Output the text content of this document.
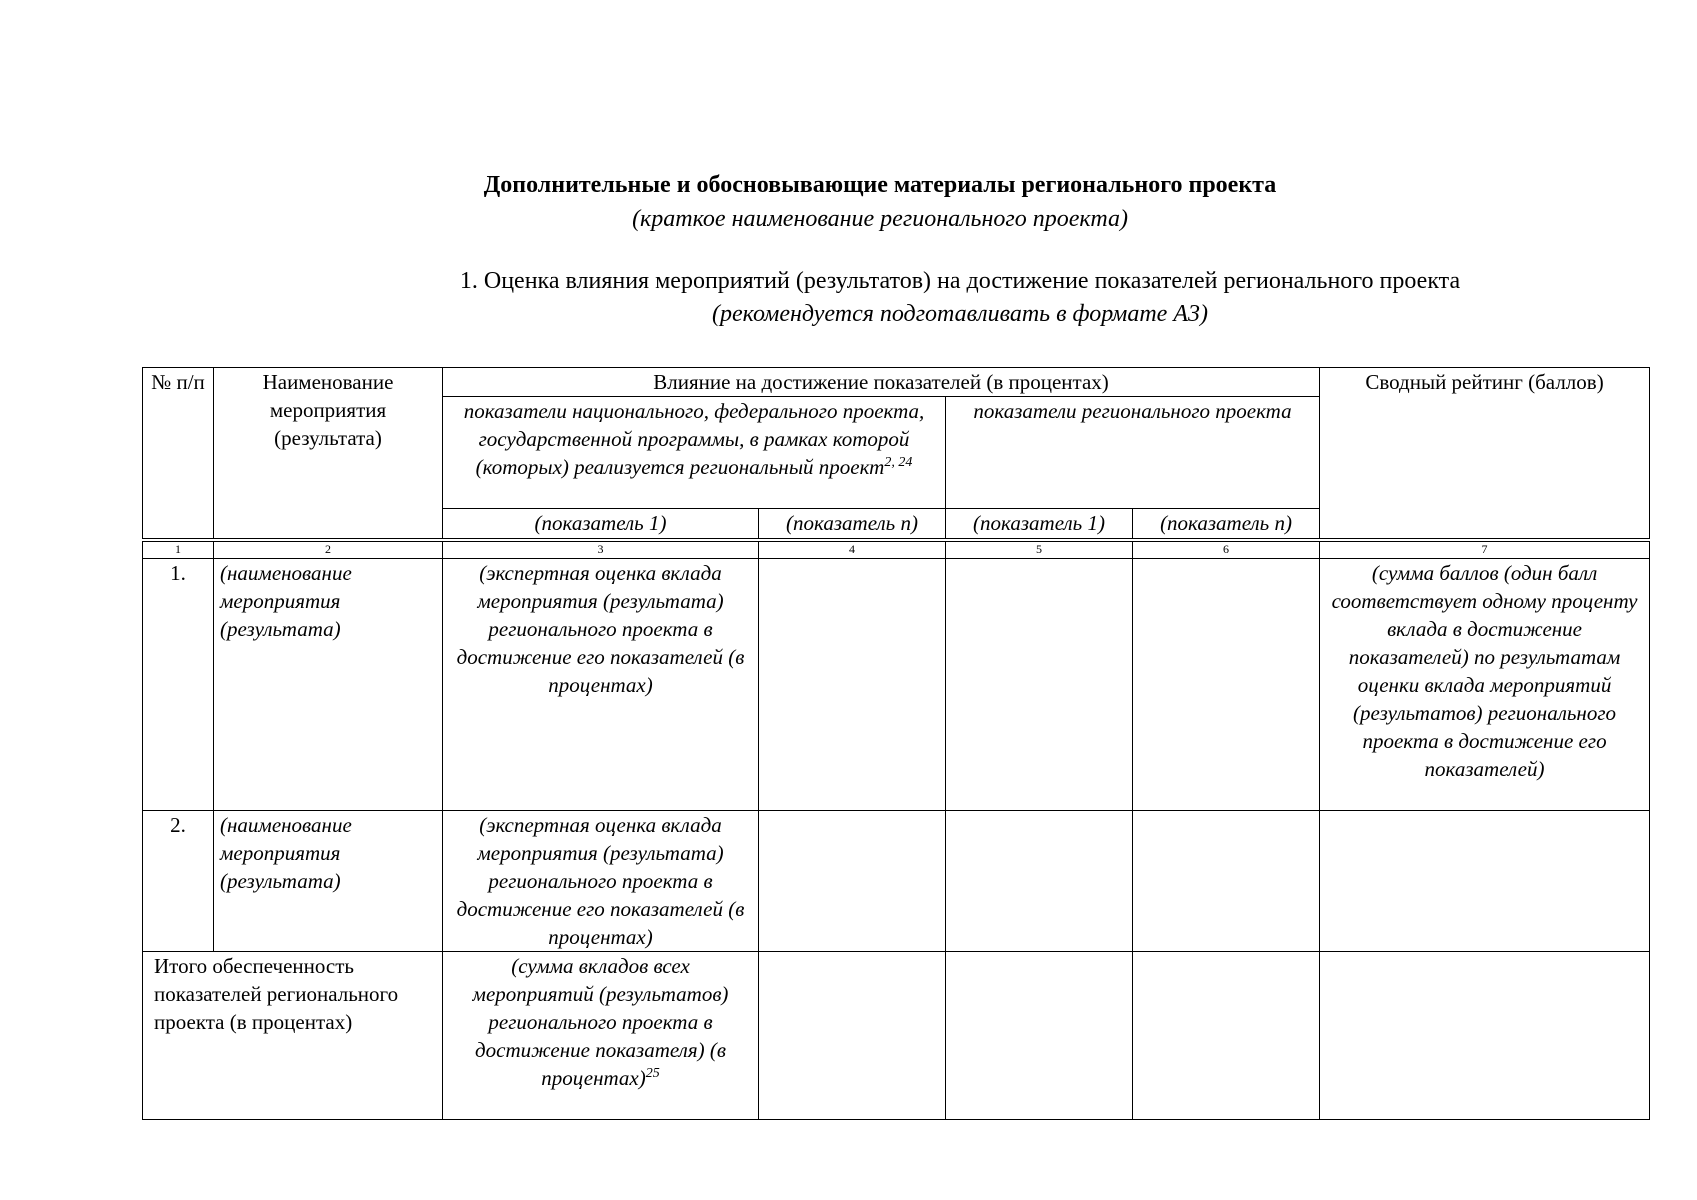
Дополнительные и обосновывающие материалы регионального проекта
(краткое наименование регионального проекта)
1. Оценка влияния мероприятий (результатов) на достижение показателей регионального проекта
(рекомендуется подготавливать в формате А3)
№ п/п	Наименование мероприятия (результата)	Влияние на достижение показателей (в процентах)				Сводный рейтинг (баллов)
		показатели национального, федерального проекта, государственной программы, в рамках которой (которых) реализуется региональный проект$^{2, 24}$		показатели регионального проекта		
		(показатель 1)	(показатель n)	(показатель 1)	(показатель n)	

1	2	3	4	5	6	7
1.	(наименование мероприятия (результата)	(экспертная оценка вклада мероприятия (результата) регионального проекта в достижение его показателей (в процентах)				(сумма баллов (один балл соответствует одному проценту вклада в достижение показателей) по результатам оценки вклада мероприятий (результатов) регионального проекта в достижение его показателей)
2.	(наименование мероприятия (результата)	(экспертная оценка вклада мероприятия (результата) регионального проекта в достижение его показателей (в процентах)				
Итого обеспеченность показателей регионального проекта (в процентах)		(сумма вкладов всех мероприятий (результатов) регионального проекта в достижение показателя) (в процентах)$^{25}$				
